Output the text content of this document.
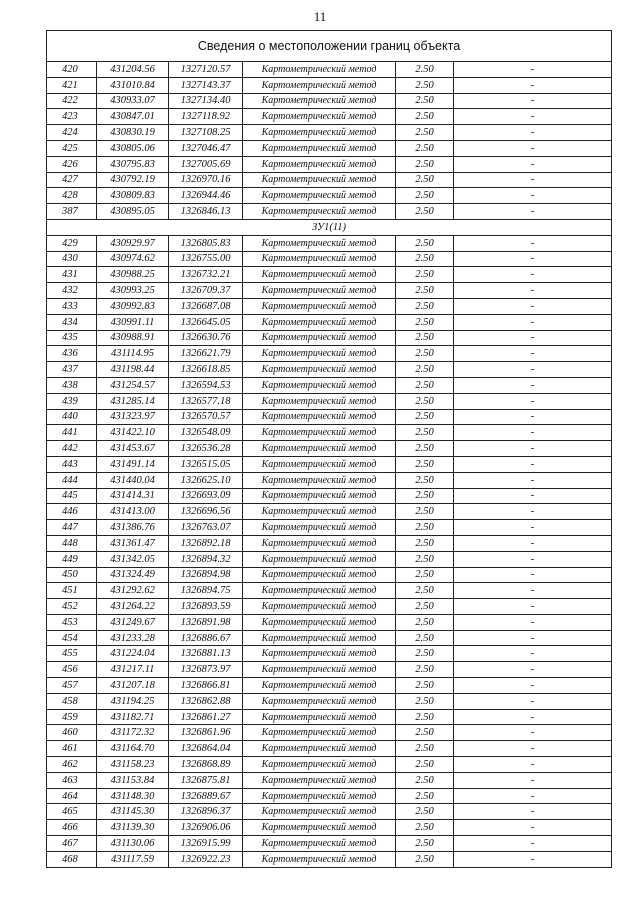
11
Сведения о местоположении границ объекта					
420	431204.56	1327120.57	Картометрический метод	2.50	-
421	431010.84	1327143.37	Картометрический метод	2.50	-
422	430933.07	1327134.40	Картометрический метод	2.50	-
423	430847.01	1327118.92	Картометрический метод	2.50	-
424	430830.19	1327108.25	Картометрический метод	2.50	-
425	430805.06	1327046.47	Картометрический метод	2.50	-
426	430795.83	1327005.69	Картометрический метод	2.50	-
427	430792.19	1326970.16	Картометрический метод	2.50	-
428	430809.83	1326944.46	Картометрический метод	2.50	-
387	430895.05	1326846.13	Картометрический метод	2.50	-
ЗУ1(11)					
429	430929.97	1326805.83	Картометрический метод	2.50	-
430	430974.62	1326755.00	Картометрический метод	2.50	-
431	430988.25	1326732.21	Картометрический метод	2.50	-
432	430993.25	1326709.37	Картометрический метод	2.50	-
433	430992.83	1326687.08	Картометрический метод	2.50	-
434	430991.11	1326645.05	Картометрический метод	2.50	-
435	430988.91	1326630.76	Картометрический метод	2.50	-
436	431114.95	1326621.79	Картометрический метод	2.50	-
437	431198.44	1326618.85	Картометрический метод	2.50	-
438	431254.57	1326594.53	Картометрический метод	2.50	-
439	431285.14	1326577.18	Картометрический метод	2.50	-
440	431323.97	1326570.57	Картометрический метод	2.50	-
441	431422.10	1326548.09	Картометрический метод	2.50	-
442	431453.67	1326536.28	Картометрический метод	2.50	-
443	431491.14	1326515.05	Картометрический метод	2.50	-
444	431440.04	1326625.10	Картометрический метод	2.50	-
445	431414.31	1326693.09	Картометрический метод	2.50	-
446	431413.00	1326696.56	Картометрический метод	2.50	-
447	431386.76	1326763.07	Картометрический метод	2.50	-
448	431361.47	1326892.18	Картометрический метод	2.50	-
449	431342.05	1326894.32	Картометрический метод	2.50	-
450	431324.49	1326894.98	Картометрический метод	2.50	-
451	431292.62	1326894.75	Картометрический метод	2.50	-
452	431264.22	1326893.59	Картометрический метод	2.50	-
453	431249.67	1326891.98	Картометрический метод	2.50	-
454	431233.28	1326886.67	Картометрический метод	2.50	-
455	431224.04	1326881.13	Картометрический метод	2.50	-
456	431217.11	1326873.97	Картометрический метод	2.50	-
457	431207.18	1326866.81	Картометрический метод	2.50	-
458	431194.25	1326862.88	Картометрический метод	2.50	-
459	431182.71	1326861.27	Картометрический метод	2.50	-
460	431172.32	1326861.96	Картометрический метод	2.50	-
461	431164.70	1326864.04	Картометрический метод	2.50	-
462	431158.23	1326868.89	Картометрический метод	2.50	-
463	431153.84	1326875.81	Картометрический метод	2.50	-
464	431148.30	1326889.67	Картометрический метод	2.50	-
465	431145.30	1326896.37	Картометрический метод	2.50	-
466	431139.30	1326906.06	Картометрический метод	2.50	-
467	431130.06	1326915.99	Картометрический метод	2.50	-
468	431117.59	1326922.23	Картометрический метод	2.50	-
